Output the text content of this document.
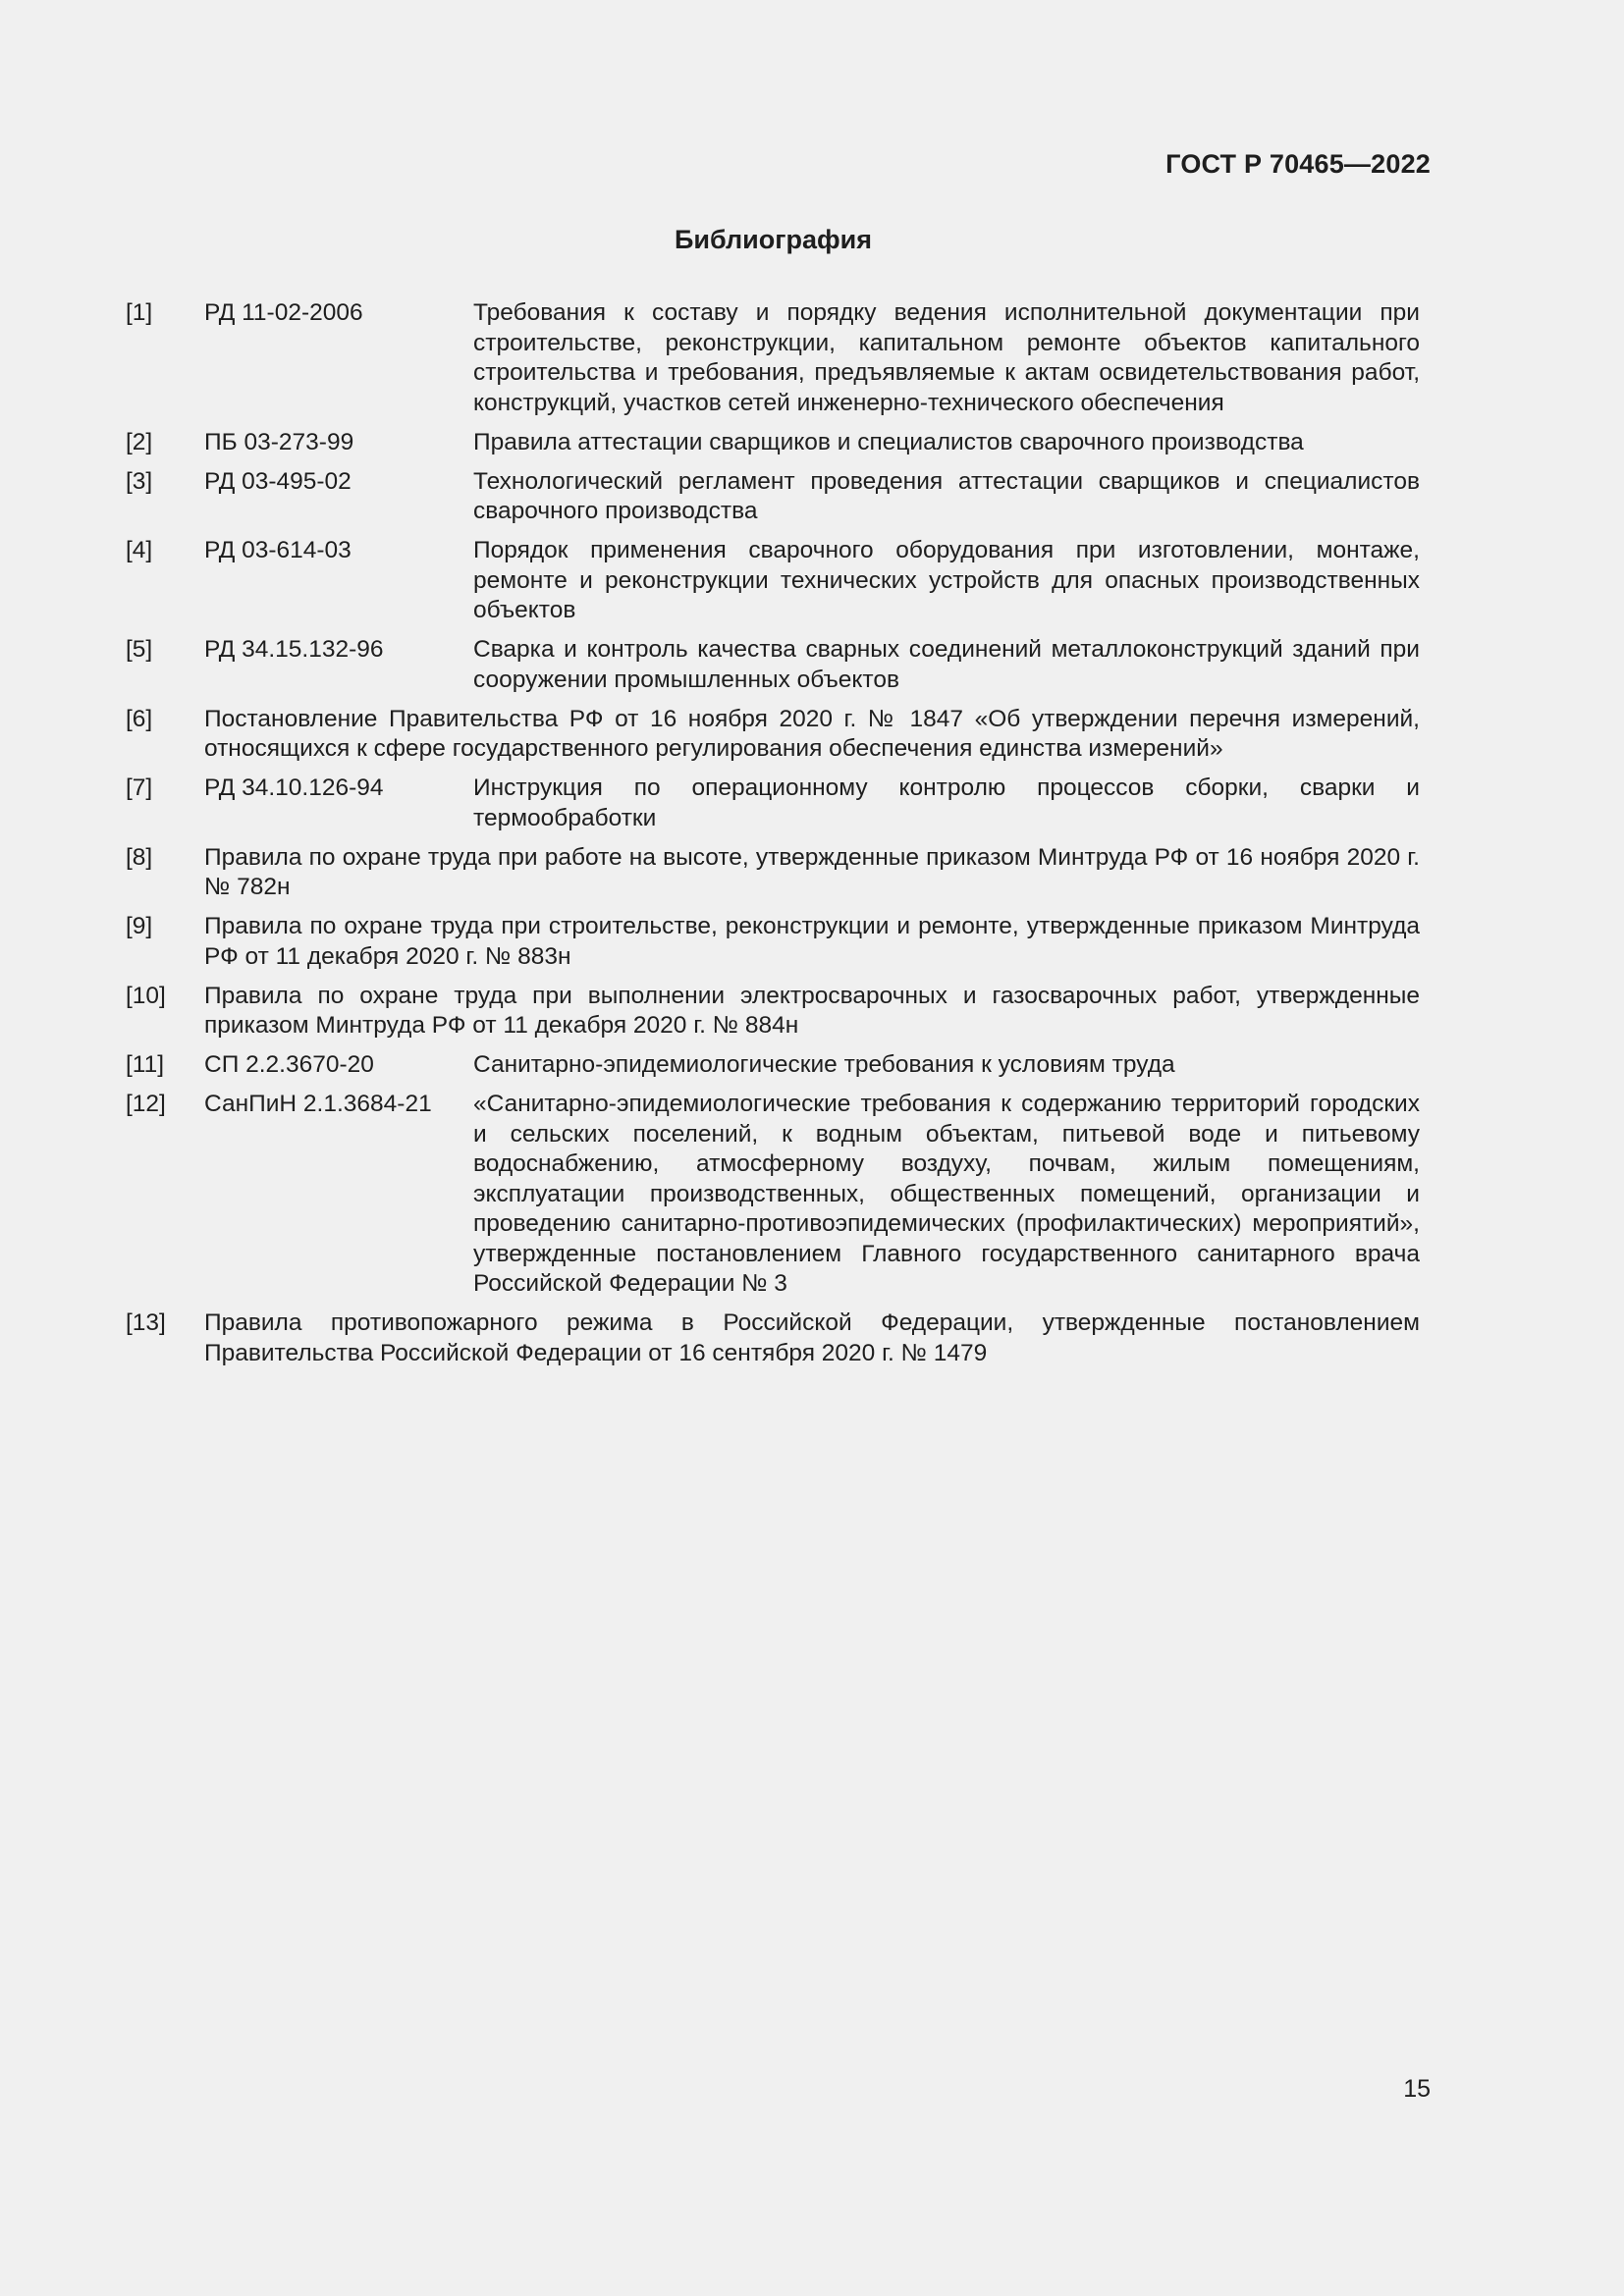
ГОСТ Р 70465—2022
Библиография
[1] РД 11-02-2006	Требования к составу и порядку ведения исполнительной документации при строительстве, реконструкции, капитальном ремонте объектов капитального строительства и требования, предъявляемые к актам освидетельствования работ, конструкций, участков сетей инженерно-технического обеспечения
[2] ПБ 03-273-99	Правила аттестации сварщиков и специалистов сварочного производства
[3] РД 03-495-02	Технологический регламент проведения аттестации сварщиков и специалистов сварочного производства
[4] РД 03-614-03	Порядок применения сварочного оборудования при изготовлении, монтаже, ремонте и реконструкции технических устройств для опасных производственных объектов
[5] РД 34.15.132-96	Сварка и контроль качества сварных соединений металлоконструкций зданий при сооружении промышленных объектов
[6] Постановление Правительства РФ от 16 ноября 2020 г. № 1847 «Об утверждении перечня измерений, относящихся к сфере государственного регулирования обеспечения единства измерений»
[7] РД 34.10.126-94	Инструкция по операционному контролю процессов сборки, сварки и термообработки
[8] Правила по охране труда при работе на высоте, утвержденные приказом Минтруда РФ от 16 ноября 2020 г. № 782н
[9] Правила по охране труда при строительстве, реконструкции и ремонте, утвержденные приказом Минтруда РФ от 11 декабря 2020 г. № 883н
[10] Правила по охране труда при выполнении электросварочных и газосварочных работ, утвержденные приказом Минтруда РФ от 11 декабря 2020 г. № 884н
[11] СП 2.2.3670-20	Санитарно-эпидемиологические требования к условиям труда
[12] СанПиН 2.1.3684-21 «Санитарно-эпидемиологические требования к содержанию территорий городских и сельских поселений, к водным объектам, питьевой воде и питьевому водоснабжению, атмосферному воздуху, почвам, жилым помещениям, эксплуатации производственных, общественных помещений, организации и проведению санитарно-противоэпидемических (профилактических) мероприятий», утвержденные постановлением Главного государственного санитарного врача Российской Федерации № 3
[13] Правила противопожарного режима в Российской Федерации, утвержденные постановлением Правительства Российской Федерации от 16 сентября 2020 г. № 1479
15
